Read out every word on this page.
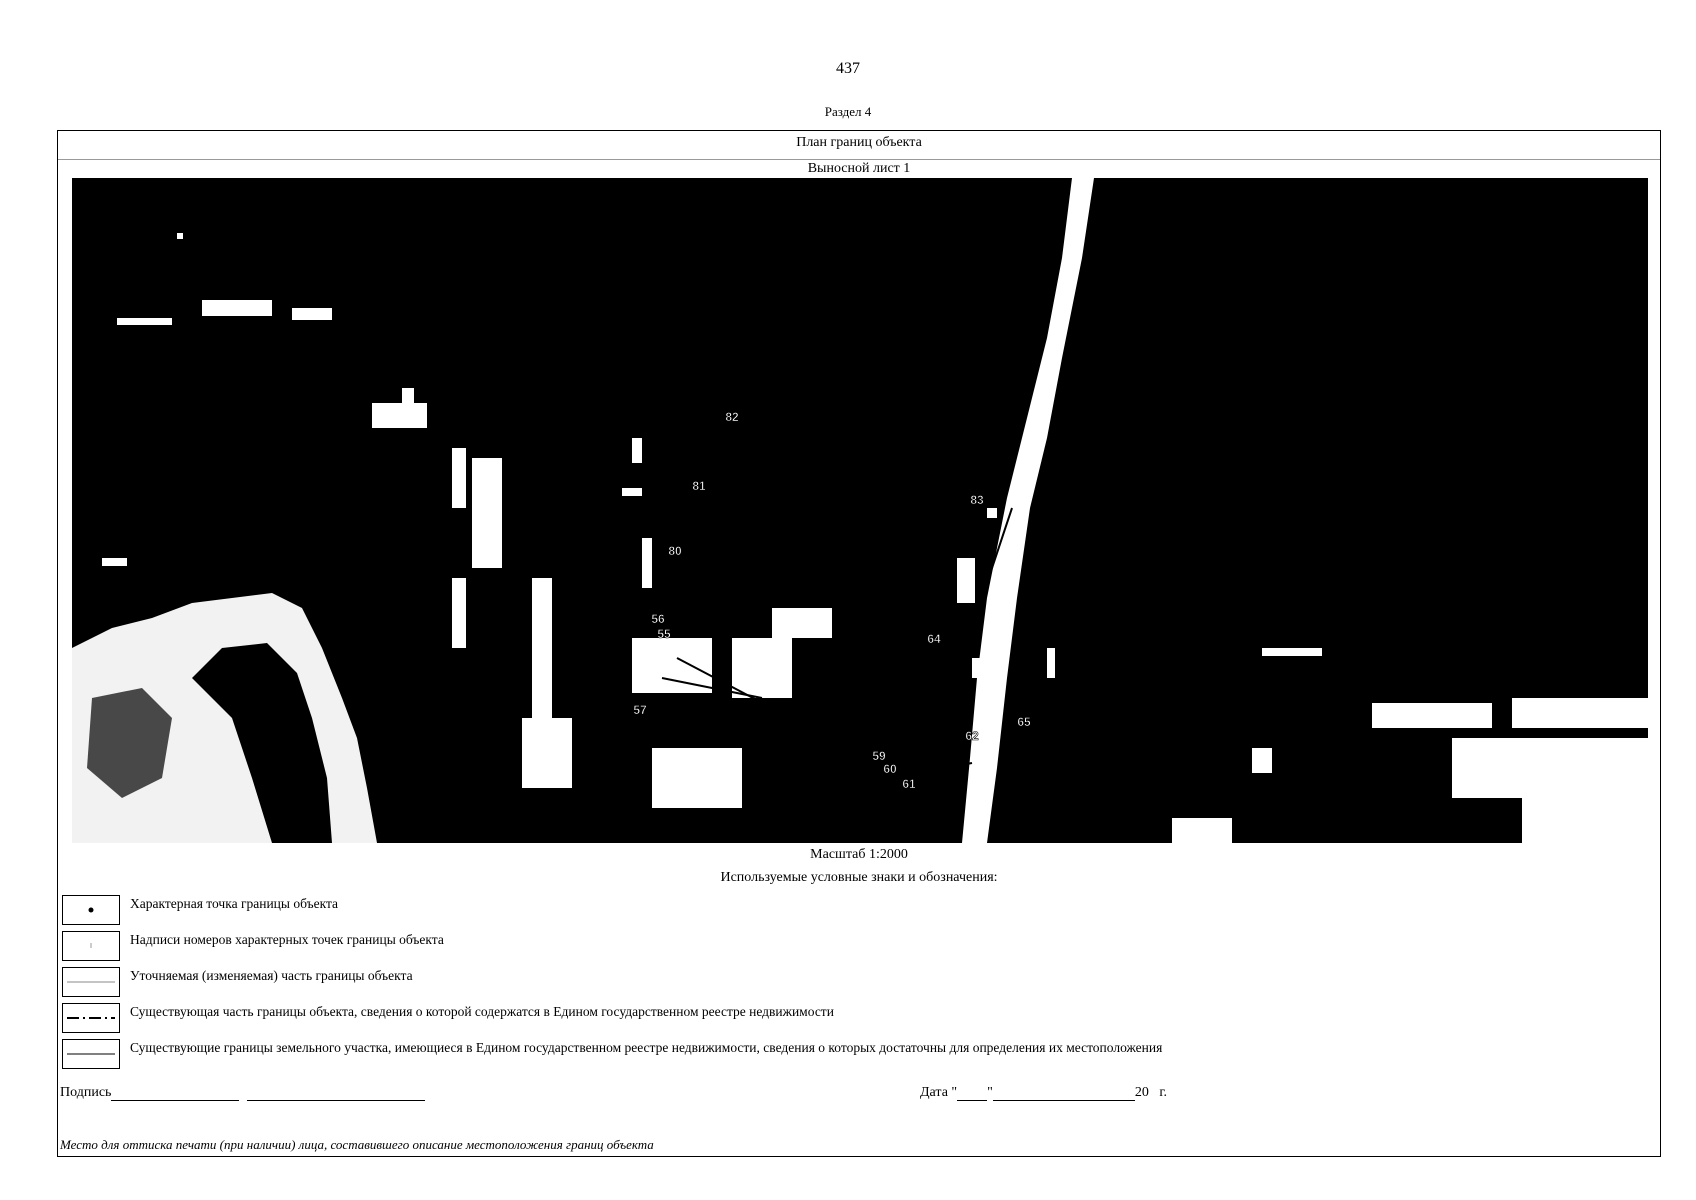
437
Раздел 4
План границ объекта
Выносной лист 1
82
81
80
83
57
56
55
59
60
61
62
65
64
Масштаб 1:2000
Используемые условные знаки и обозначения:
Характерная точка границы объекта
Надписи номеров характерных точек границы объекта
Уточняемая (изменяемая) часть границы объекта
Существующая часть границы объекта, сведения о которой содержатся в Едином государственном реестре недвижимости
Существующие границы земельного участка, имеющиеся в Едином государственном реестре недвижимости, сведения о которых достаточны для определения их местоположения
Подпись	Дата " "	20 г.
Место для оттиска печати (при наличии) лица, составившего описание местоположения границ объекта
